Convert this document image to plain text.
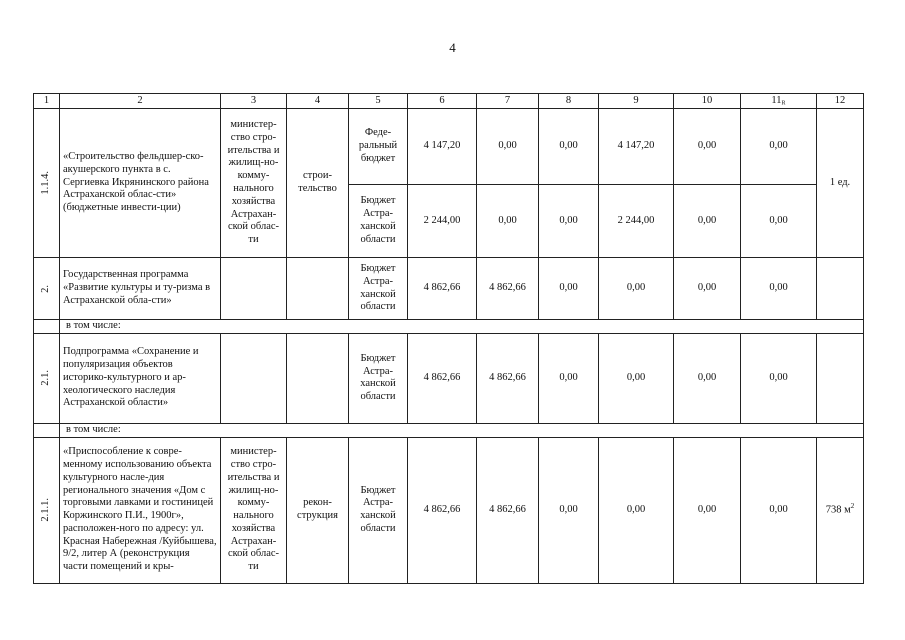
4
1	2	3	4	5	6	7	8	9	10	11R	12

1.1.4.	«Строительство фельдшер-ско-акушерского пункта в с. Сергиевка Икрянинского района Астраханской облас-сти» (бюджетные инвести-ции)	министер-ство стро-ительства и жилищ-но-комму-нального хозяйства Астрахан-ской облас-ти	строи-тельство	Феде-ральный бюджет	4 147,20	0,00	0,00	4 147,20	0,00	0,00	1 ед.
				Бюджет Астра-ханской области	2 244,00	0,00	0,00	2 244,00	0,00	0,00	

2.	Государственная программа «Развитие культуры и ту-ризма в Астраханской обла-сти»			Бюджет Астра-ханской области	4 862,66	4 862,66	0,00	0,00	0,00	0,00	
	в том числе:										

2.1.	Подпрограмма «Сохранение и популяризация объектов историко-культурного и ар-хеологического наследия Астраханской области»			Бюджет Астра-ханской области	4 862,66	4 862,66	0,00	0,00	0,00	0,00	
	в том числе:										

2.1.1.	«Приспособление к совре-менному использованию объекта культурного насле-дия регионального значения «Дом с торговыми лавками и гостиницей Коржинского П.И., 1900г», расположен-ного по адресу: ул. Красная Набережная /Куйбышева, 9/2, литер А (реконструкция части помещений и кры-	министер-ство стро-ительства и жилищ-но-комму-нального хозяйства Астрахан-ской облас-ти	рекон-струкция	Бюджет Астра-ханской области	4 862,66	4 862,66	0,00	0,00	0,00	0,00	738 $м^2$
